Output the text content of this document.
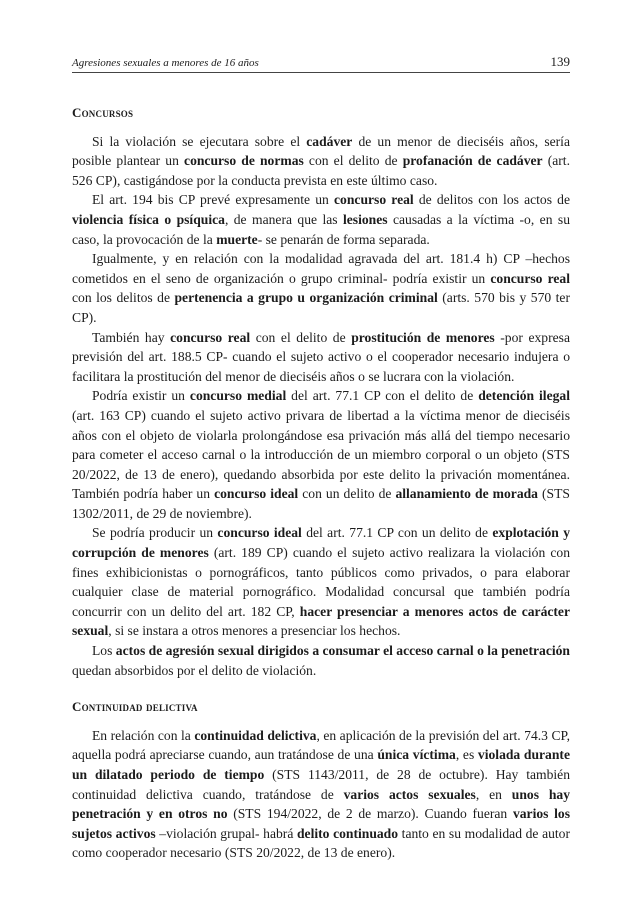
Agresiones sexuales a menores de 16 años	139
Concursos

Si la violación se ejecutara sobre el cadáver de un menor de dieciséis años, sería posible plantear un concurso de normas con el delito de profanación de cadáver (art. 526 CP), castigándose por la conducta prevista en este último caso.

El art. 194 bis CP prevé expresamente un concurso real de delitos con los actos de violencia física o psíquica, de manera que las lesiones causadas a la víctima -o, en su caso, la provocación de la muerte- se penarán de forma separada.

Igualmente, y en relación con la modalidad agravada del art. 181.4 h) CP –hechos cometidos en el seno de organización o grupo criminal- podría existir un concurso real con los delitos de pertenencia a grupo u organización criminal (arts. 570 bis y 570 ter CP).

También hay concurso real con el delito de prostitución de menores -por expresa previsión del art. 188.5 CP- cuando el sujeto activo o el cooperador necesario indujera o facilitara la prostitución del menor de dieciséis años o se lucrara con la violación.

Podría existir un concurso medial del art. 77.1 CP con el delito de detención ilegal (art. 163 CP) cuando el sujeto activo privara de libertad a la víctima menor de dieciséis años con el objeto de violarla prolongándose esa privación más allá del tiempo necesario para cometer el acceso carnal o la introducción de un miembro corporal o un objeto (STS 20/2022, de 13 de enero), quedando absorbida por este delito la privación momentánea. También podría haber un concurso ideal con un delito de allanamiento de morada (STS 1302/2011, de 29 de noviembre).

Se podría producir un concurso ideal del art. 77.1 CP con un delito de explotación y corrupción de menores (art. 189 CP) cuando el sujeto activo realizara la violación con fines exhibicionistas o pornográficos, tanto públicos como privados, o para elaborar cualquier clase de material pornográfico. Modalidad concursal que también podría concurrir con un delito del art. 182 CP, hacer presenciar a menores actos de carácter sexual, si se instara a otros menores a presenciar los hechos.

Los actos de agresión sexual dirigidos a consumar el acceso carnal o la penetración quedan absorbidos por el delito de violación.

Continuidad delictiva

En relación con la continuidad delictiva, en aplicación de la previsión del art. 74.3 CP, aquella podrá apreciarse cuando, aun tratándose de una única víctima, es violada durante un dilatado periodo de tiempo (STS 1143/2011, de 28 de octubre). Hay también continuidad delictiva cuando, tratándose de varios actos sexuales, en unos hay penetración y en otros no (STS 194/2022, de 2 de marzo). Cuando fueran varios los sujetos activos –violación grupal- habrá delito continuado tanto en su modalidad de autor como cooperador necesario (STS 20/2022, de 13 de enero).
